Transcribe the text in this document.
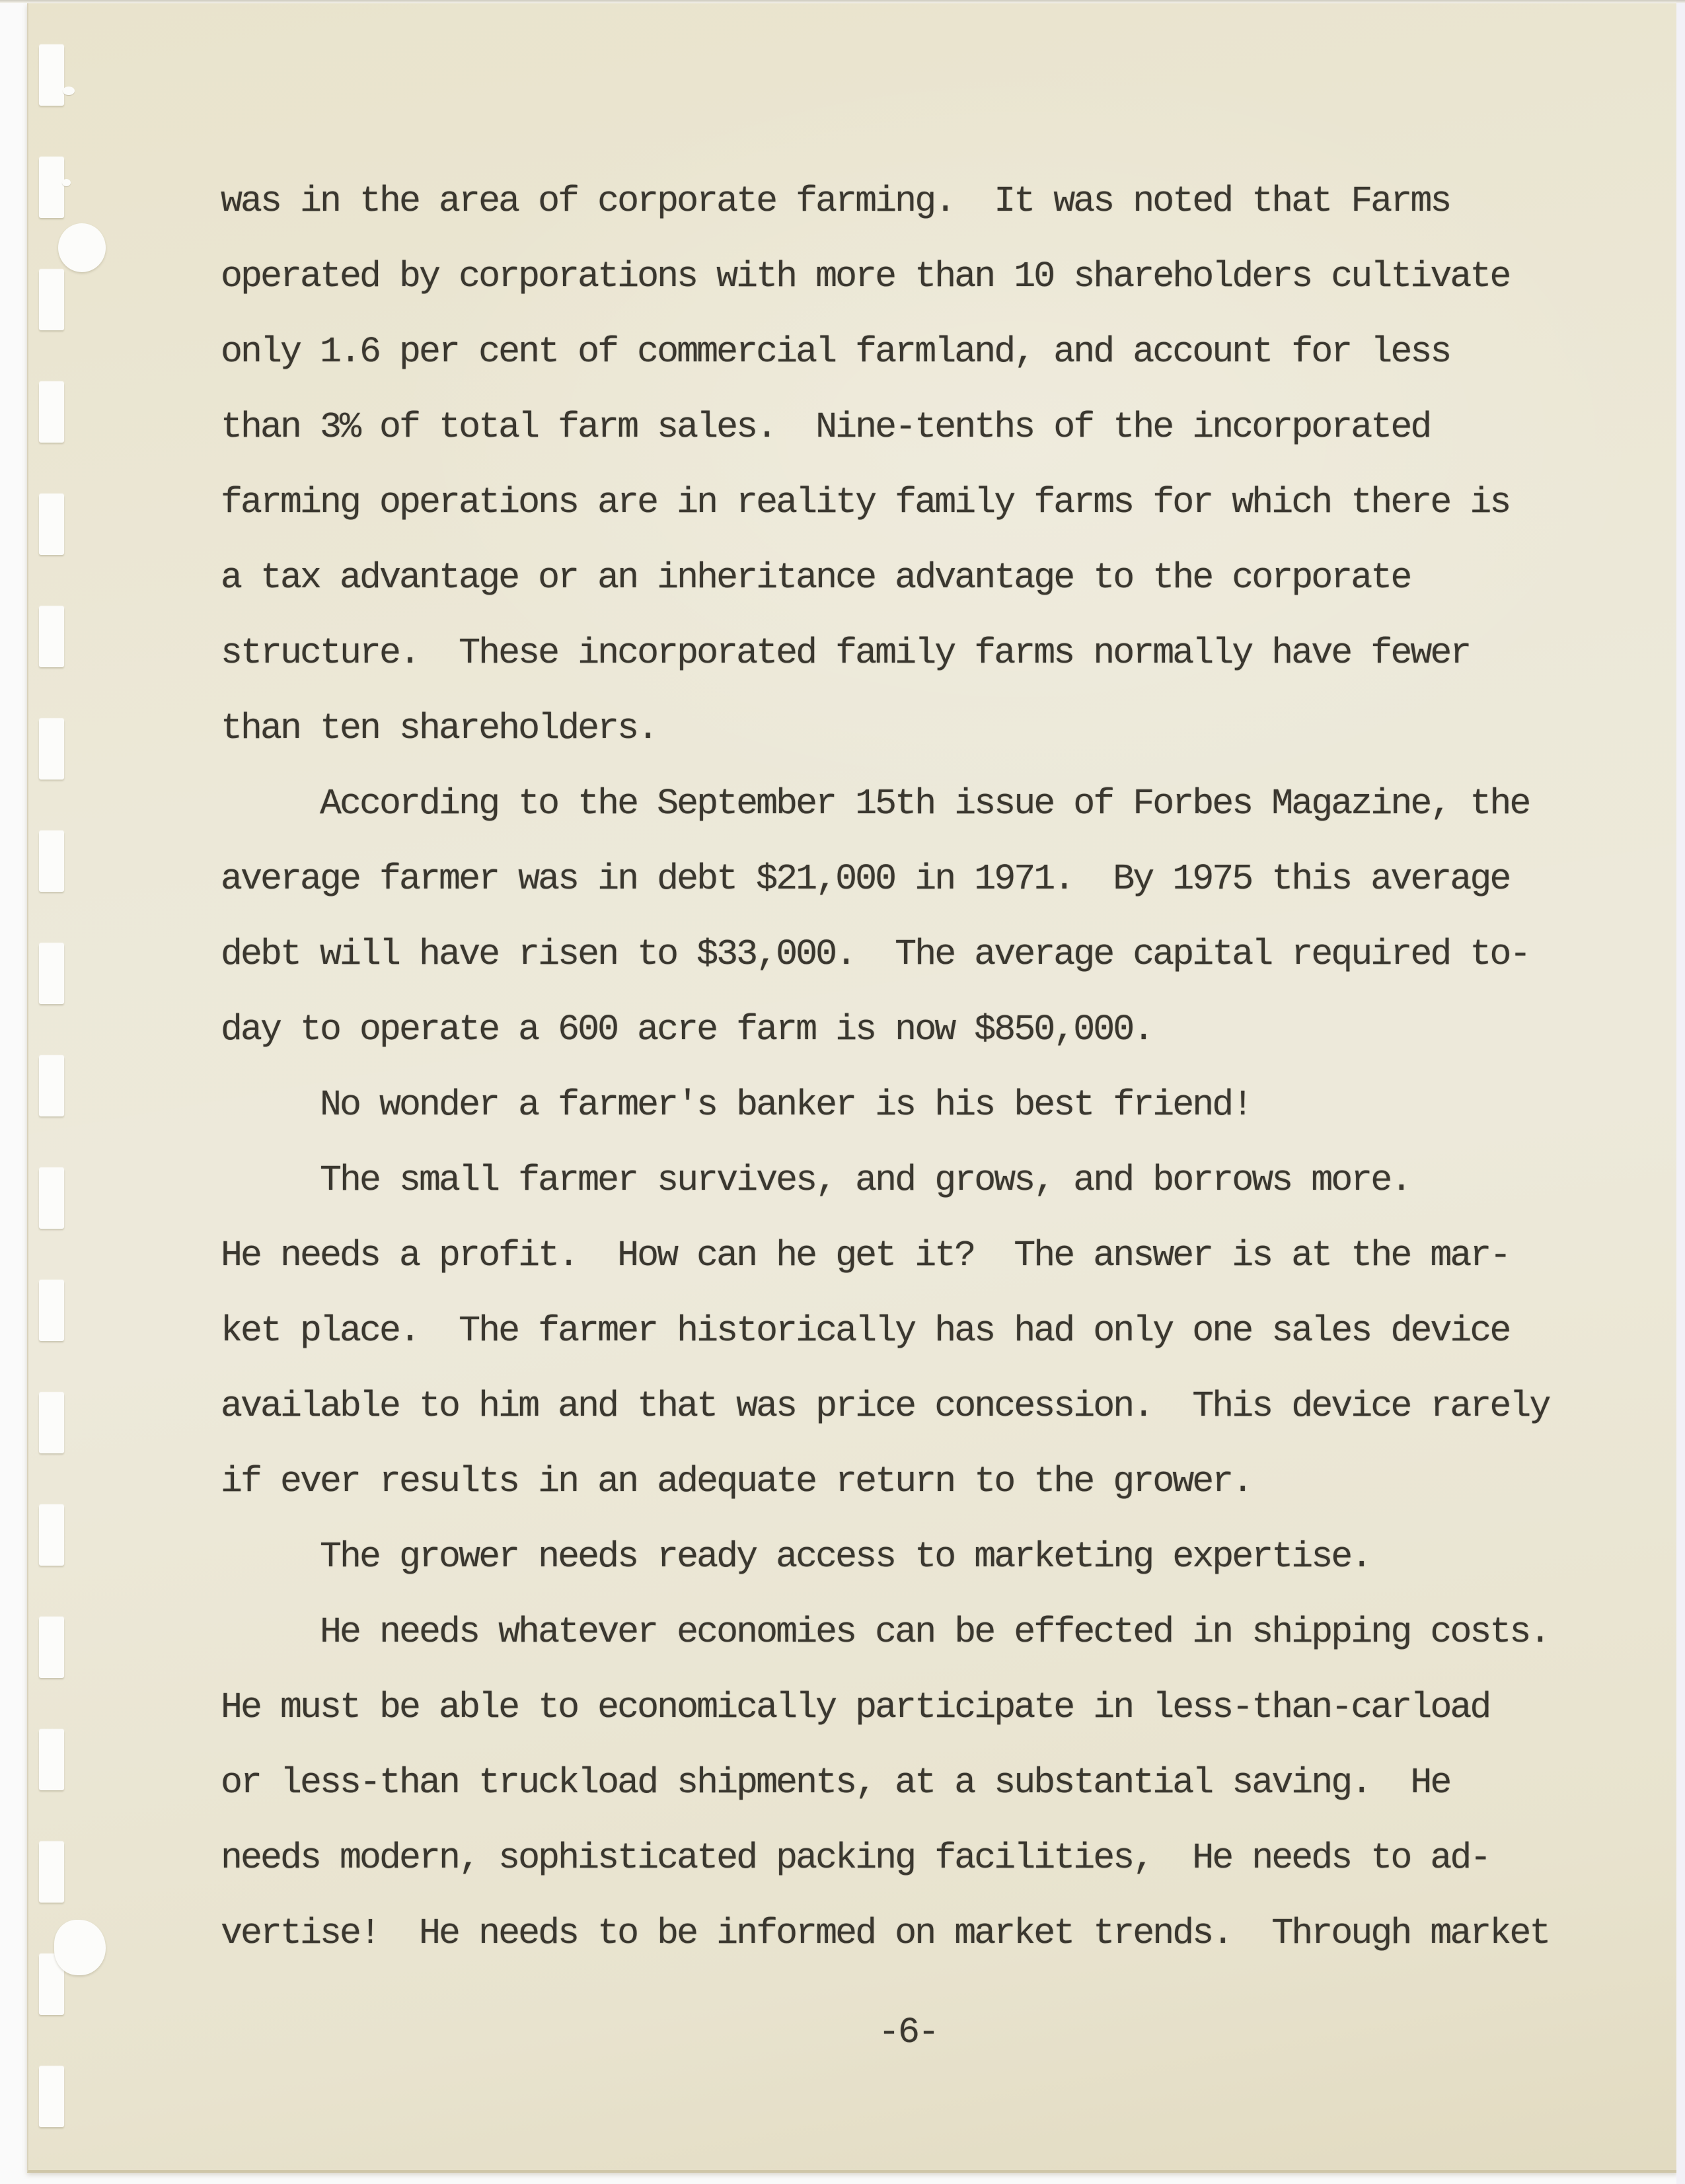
was in the area of corporate farming.  It was noted that Farms
operated by corporations with more than 10 shareholders cultivate
only 1.6 per cent of commercial farmland, and account for less
than 3% of total farm sales.  Nine-tenths of the incorporated
farming operations are in reality family farms for which there is
a tax advantage or an inheritance advantage to the corporate
structure.  These incorporated family farms normally have fewer
than ten shareholders.
According to the September 15th issue of Forbes Magazine, the
average farmer was in debt $21,000 in 1971.  By 1975 this average
debt will have risen to $33,000.  The average capital required to-
day to operate a 600 acre farm is now $850,000.
No wonder a farmer's banker is his best friend!
The small farmer survives, and grows, and borrows more.
He needs a profit.  How can he get it?  The answer is at the mar-
ket place.  The farmer historically has had only one sales device
available to him and that was price concession.  This device rarely
if ever results in an adequate return to the grower.
The grower needs ready access to marketing expertise.
He needs whatever economies can be effected in shipping costs.
He must be able to economically participate in less-than-carload
or less-than truckload shipments, at a substantial saving.  He
needs modern, sophisticated packing facilities,  He needs to ad-
vertise!  He needs to be informed on market trends.  Through market
-6-
